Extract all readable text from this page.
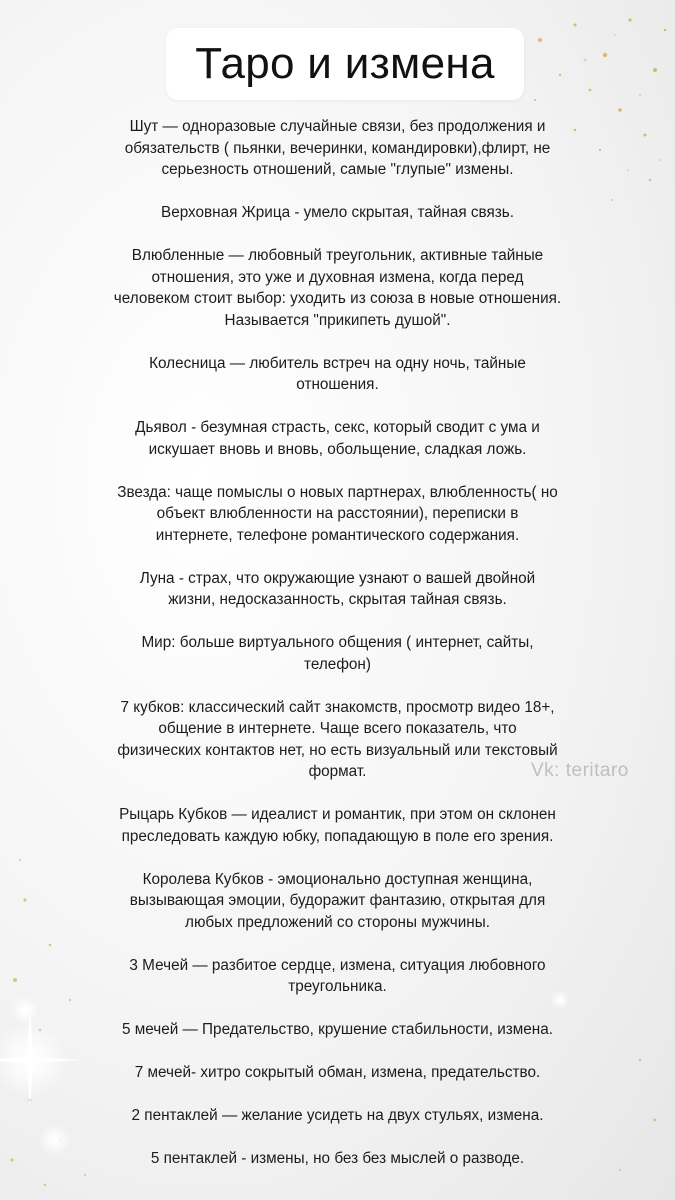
Таро и измена

Шут — одноразовые случайные связи, без продолжения и
обязательств ( пьянки, вечеринки, командировки),флирт, не
серьезность отношений, самые "глупые" измены.

Верховная Жрица - умело скрытая, тайная связь.

Влюбленные — любовный треугольник, активные тайные
отношения, это уже и духовная измена, когда перед
человеком стоит выбор: уходить из союза в новые отношения.
Называется "прикипеть душой".

Колесница — любитель встреч на одну ночь, тайные
отношения.

Дьявол - безумная страсть, секс, который сводит с ума и
искушает вновь и вновь, обольщение, сладкая ложь.

Звезда: чаще помыслы о новых партнерах, влюбленность( но
объект влюбленности на расстоянии), переписки в
интернете, телефоне романтического содержания.

Луна - страх, что окружающие узнают о вашей двойной
жизни, недосказанность, скрытая тайная связь.

Мир: больше виртуального общения ( интернет, сайты,
телефон)

7 кубков: классический сайт знакомств, просмотр видео 18+,
общение в интернете. Чаще всего показатель, что
физических контактов нет, но есть визуальный или текстовый
формат.

Рыцарь Кубков — идеалист и романтик, при этом он склонен
преследовать каждую юбку, попадающую в поле его зрения.

Королева Кубков - эмоционально доступная женщина,
вызывающая эмоции, будоражит фантазию, открытая для
любых предложений со стороны мужчины.

3 Мечей — разбитое сердце, измена, ситуация любовного
треугольника.

5 мечей — Предательство, крушение стабильности, измена.

7 мечей- хитро сокрытый обман, измена, предательство.

2 пентаклей — желание усидеть на двух стульях, измена.

5 пентаклей - измены, но без без мыслей о разводе.

Vk: teritaro
